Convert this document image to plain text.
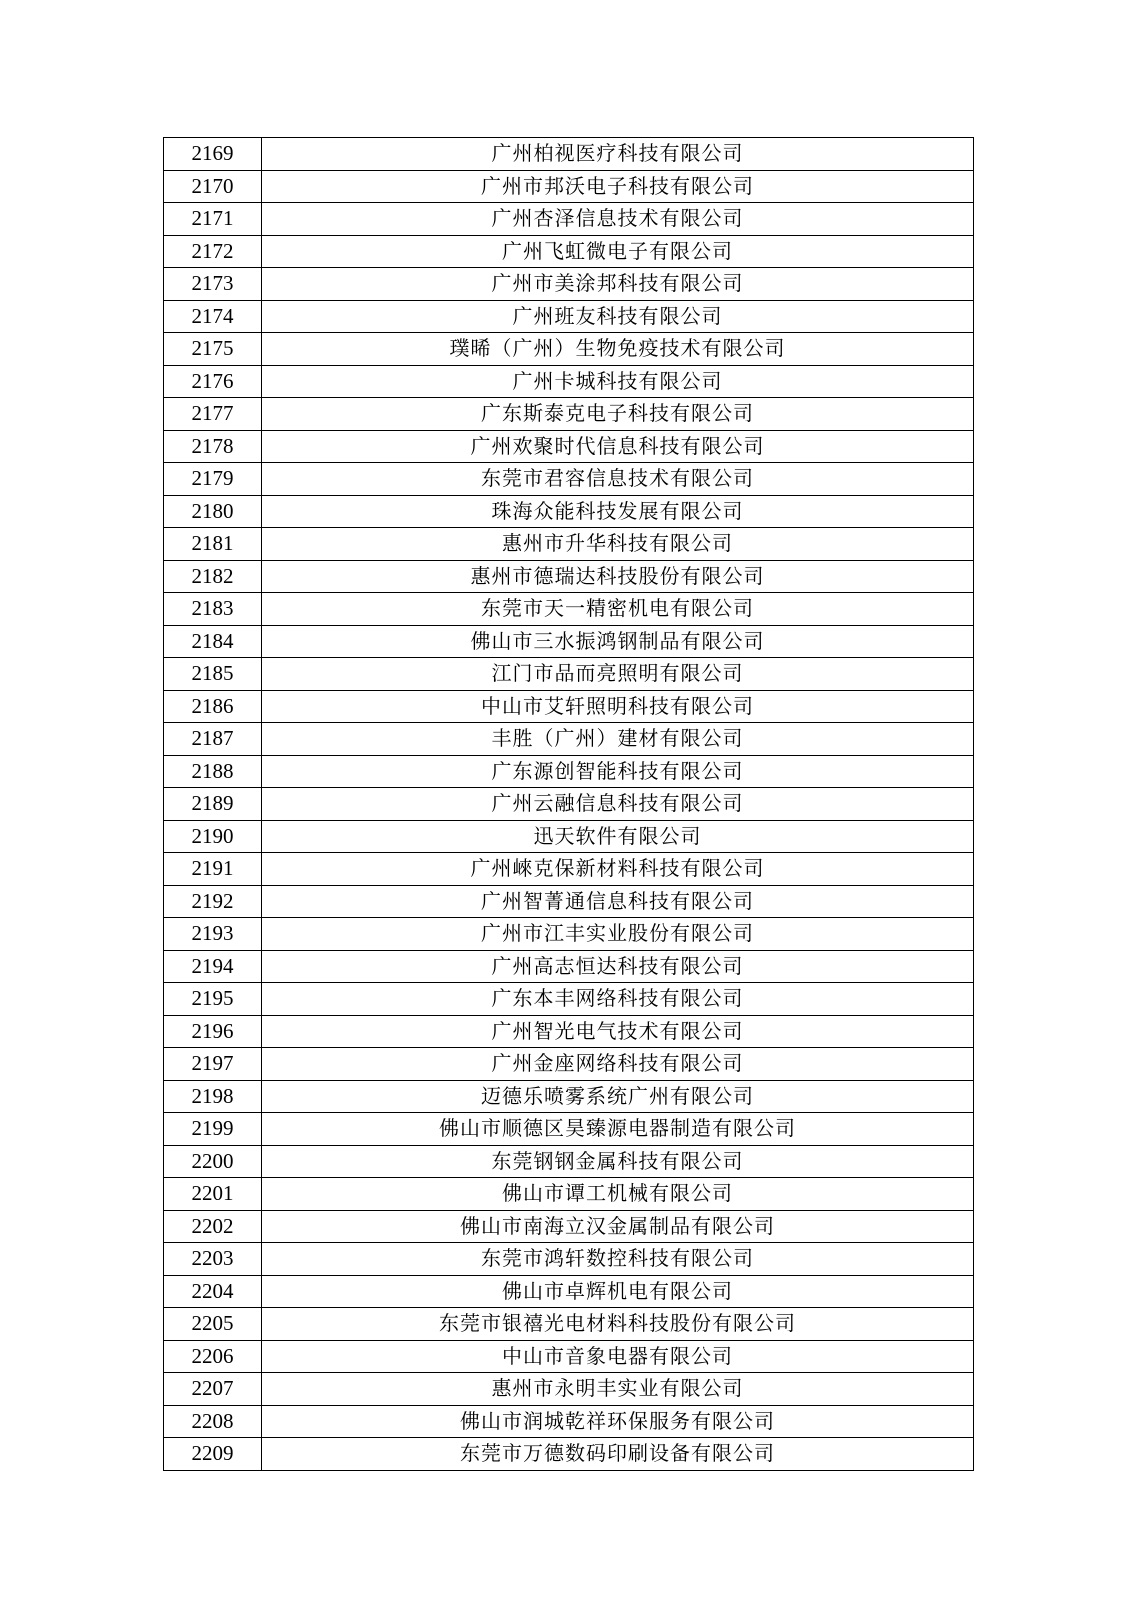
2169	广州柏视医疗科技有限公司
2170	广州市邦沃电子科技有限公司
2171	广州杏泽信息技术有限公司
2172	广州飞虹微电子有限公司
2173	广州市美涂邦科技有限公司
2174	广州班友科技有限公司
2175	璞晞（广州）生物免疫技术有限公司
2176	广州卡城科技有限公司
2177	广东斯泰克电子科技有限公司
2178	广州欢聚时代信息科技有限公司
2179	东莞市君容信息技术有限公司
2180	珠海众能科技发展有限公司
2181	惠州市升华科技有限公司
2182	惠州市德瑞达科技股份有限公司
2183	东莞市天一精密机电有限公司
2184	佛山市三水振鸿钢制品有限公司
2185	江门市品而亮照明有限公司
2186	中山市艾轩照明科技有限公司
2187	丰胜（广州）建材有限公司
2188	广东源创智能科技有限公司
2189	广州云融信息科技有限公司
2190	迅天软件有限公司
2191	广州崍克保新材料科技有限公司
2192	广州智菁通信息科技有限公司
2193	广州市江丰实业股份有限公司
2194	广州高志恒达科技有限公司
2195	广东本丰网络科技有限公司
2196	广州智光电气技术有限公司
2197	广州金座网络科技有限公司
2198	迈德乐喷雾系统广州有限公司
2199	佛山市顺德区昊臻源电器制造有限公司
2200	东莞钢钢金属科技有限公司
2201	佛山市谭工机械有限公司
2202	佛山市南海立汉金属制品有限公司
2203	东莞市鸿轩数控科技有限公司
2204	佛山市卓辉机电有限公司
2205	东莞市银禧光电材料科技股份有限公司
2206	中山市音象电器有限公司
2207	惠州市永明丰实业有限公司
2208	佛山市润城乾祥环保服务有限公司
2209	东莞市万德数码印刷设备有限公司
